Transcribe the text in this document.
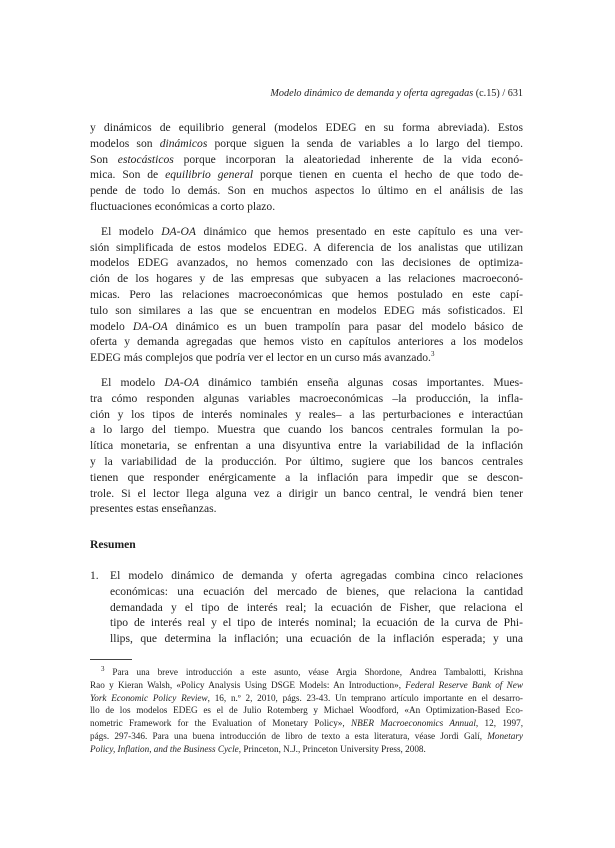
Modelo dinámico de demanda y oferta agregadas (c.15) / 631
y dinámicos de equilibrio general (modelos EDEG en su forma abreviada). Estos
modelos son dinámicos porque siguen la senda de variables a lo largo del tiempo.
Son estocásticos porque incorporan la aleatoriedad inherente de la vida econó-
mica. Son de equilibrio general porque tienen en cuenta el hecho de que todo de-
pende de todo lo demás. Son en muchos aspectos lo último en el análisis de las
fluctuaciones económicas a corto plazo.
El modelo DA-OA dinámico que hemos presentado en este capítulo es una ver-
sión simplificada de estos modelos EDEG. A diferencia de los analistas que utilizan
modelos EDEG avanzados, no hemos comenzado con las decisiones de optimiza-
ción de los hogares y de las empresas que subyacen a las relaciones macroeconó-
micas. Pero las relaciones macroeconómicas que hemos postulado en este capí-
tulo son similares a las que se encuentran en modelos EDEG más sofisticados. El
modelo DA-OA dinámico es un buen trampolín para pasar del modelo básico de
oferta y demanda agregadas que hemos visto en capítulos anteriores a los modelos
EDEG más complejos que podría ver el lector en un curso más avanzado.$^3$
El modelo DA-OA dinámico también enseña algunas cosas importantes. Mues-
tra cómo responden algunas variables macroeconómicas –la producción, la infla-
ción y los tipos de interés nominales y reales– a las perturbaciones e interactúan
a lo largo del tiempo. Muestra que cuando los bancos centrales formulan la po-
lítica monetaria, se enfrentan a una disyuntiva entre la variabilidad de la inflación
y la variabilidad de la producción. Por último, sugiere que los bancos centrales
tienen que responder enérgicamente a la inflación para impedir que se descon-
trole. Si el lector llega alguna vez a dirigir un banco central, le vendrá bien tener
presentes estas enseñanzas.
Resumen
1. El modelo dinámico de demanda y oferta agregadas combina cinco relaciones
económicas: una ecuación del mercado de bienes, que relaciona la cantidad
demandada y el tipo de interés real; la ecuación de Fisher, que relaciona el
tipo de interés real y el tipo de interés nominal; la ecuación de la curva de Phi-
llips, que determina la inflación; una ecuación de la inflación esperada; y una
$^3$ Para una breve introducción a este asunto, véase Argia Shordone, Andrea Tambalotti, Krishna
Rao y Kieran Walsh, «Policy Analysis Using DSGE Models: An Introduction», Federal Reserve Bank of New
York Economic Policy Review, 16, n.º 2, 2010, págs. 23-43. Un temprano artículo importante en el desarro-
llo de los modelos EDEG es el de Julio Rotemberg y Michael Woodford, «An Optimization-Based Eco-
nometric Framework for the Evaluation of Monetary Policy», NBER Macroeconomics Annual, 12, 1997,
págs. 297-346. Para una buena introducción de libro de texto a esta literatura, véase Jordi Galí, Monetary
Policy, Inflation, and the Business Cycle, Princeton, N.J., Princeton University Press, 2008.
